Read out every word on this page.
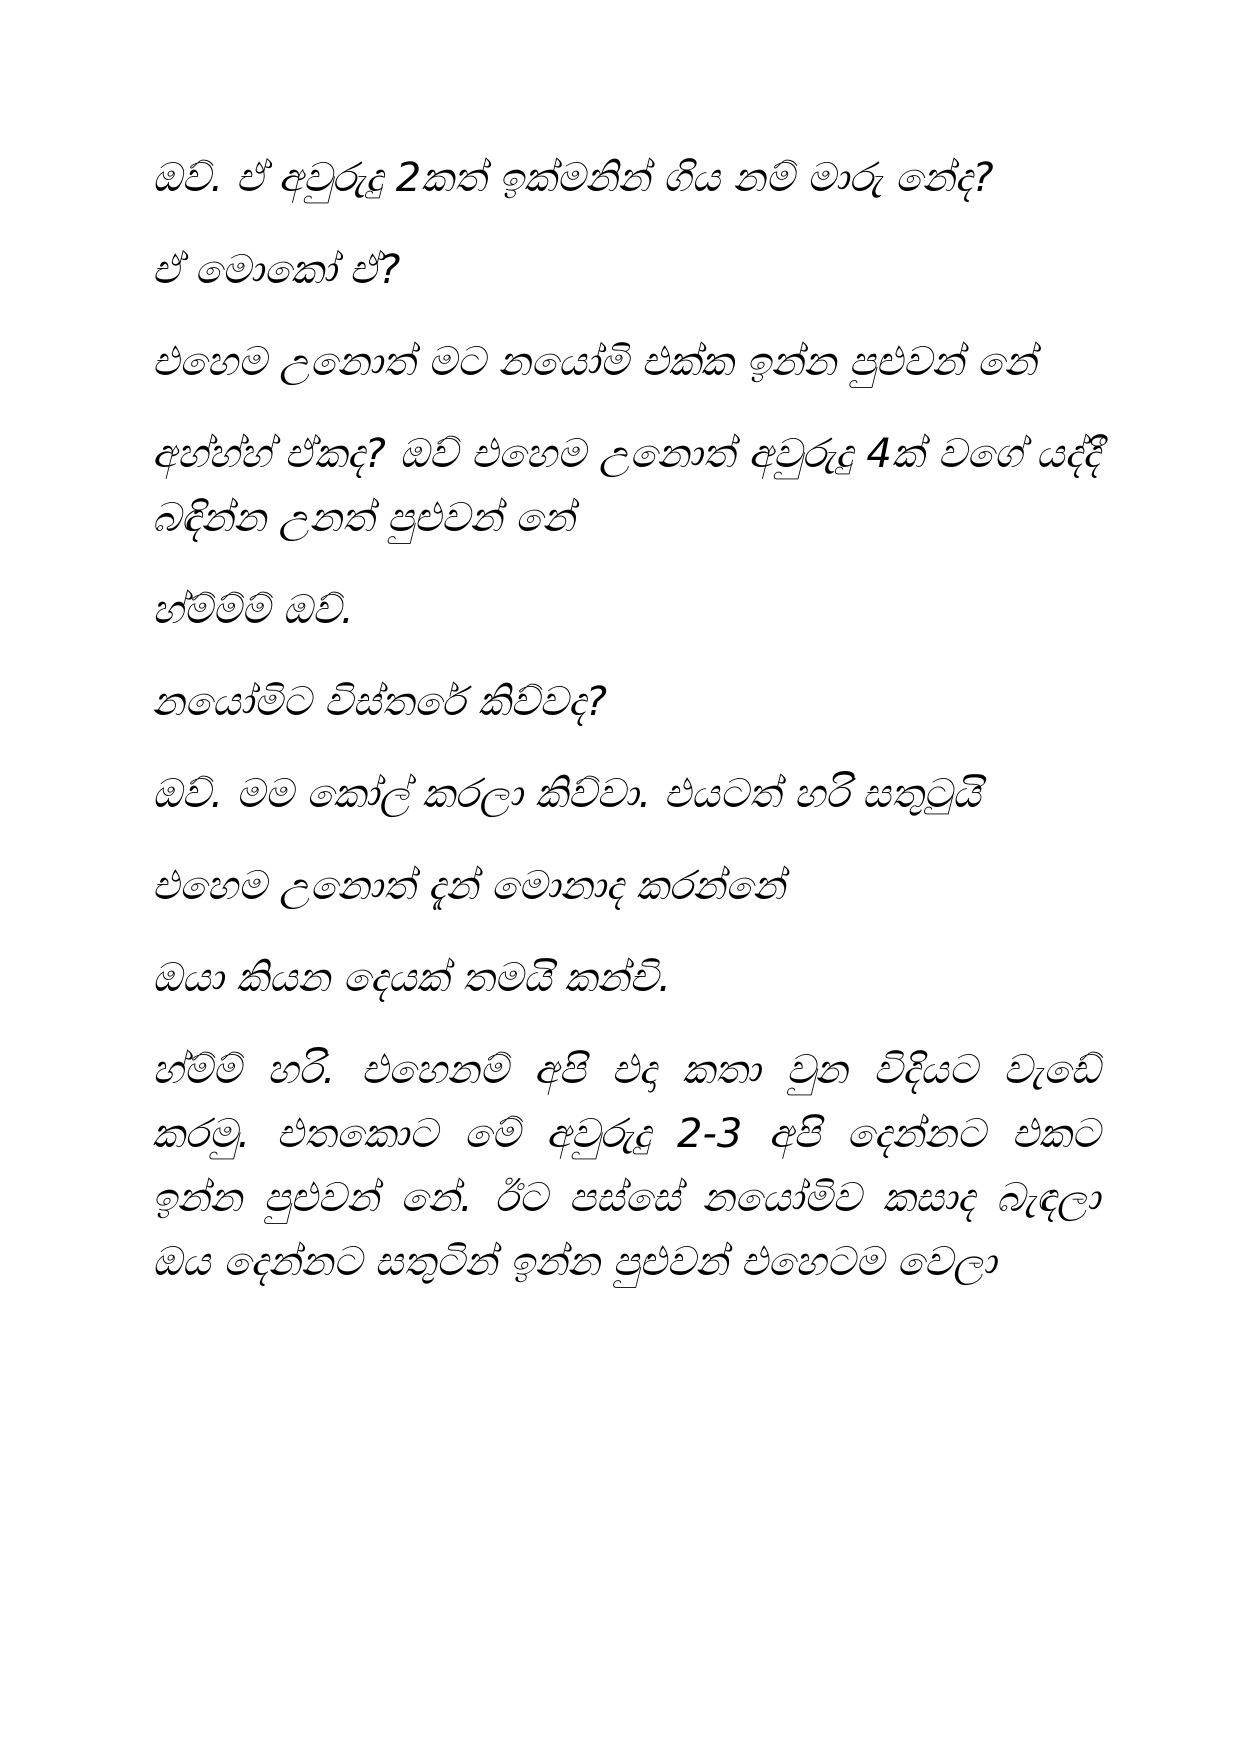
ඔව්. ඒ අවුරුදු 2කත් ඉක්මනින් ගිය නම් මාරු නේද?

ඒ මොකෝ ඒ?

එහෙම උනොත් මට නයෝමි එක්ක ඉන්න පුළුවන් නේ

අහ්හ්හ් ඒකද? ඔව් එහෙම උනොත් අවුරුදු 4ක් වගේ යද්දී බඳින්න උනත් පුළුවන් නේ

හ්ම්ම්ම් ඔව්.

නයෝමිට විස්තරේ කිව්වද?

ඔව්. මම කෝල් කරලා කිව්වා. එයටත් හරි සතුටුයි

එහෙම උනොත් දැන් මොනාද කරන්නේ

ඔයා කියන දෙයක් තමයි කන්චි.

හ්ම්ම් හරි. එහෙනම් අපි එදා කතා වුන විදියට වැඩේ කරමු. එතකොට මේ අවුරුදු 2-3 අපි දෙන්නට එකට ඉන්න පුළුවන් නේ. ඊට පස්සේ නයෝමිව කසාද බැඳලා ඔය දෙන්නට සතුටින් ඉන්න පුළුවන් එහෙටම වෙලා
